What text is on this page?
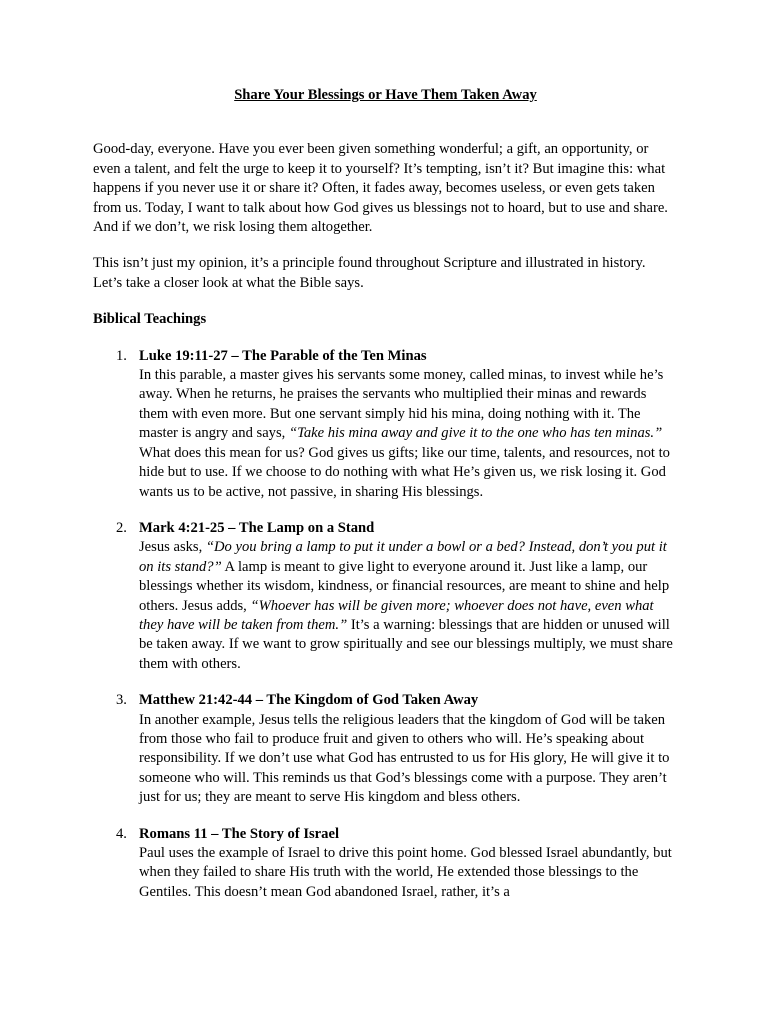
Share Your Blessings or Have Them Taken Away

Good-day, everyone. Have you ever been given something wonderful; a gift, an opportunity, or even a talent, and felt the urge to keep it to yourself? It’s tempting, isn’t it? But imagine this: what happens if you never use it or share it? Often, it fades away, becomes useless, or even gets taken from us. Today, I want to talk about how God gives us blessings not to hoard, but to use and share. And if we don’t, we risk losing them altogether.

This isn’t just my opinion, it’s a principle found throughout Scripture and illustrated in history. Let’s take a closer look at what the Bible says.

Biblical Teachings
1. Luke 19:11-27 – The Parable of the Ten Minas
In this parable, a master gives his servants some money, called minas, to invest while he’s away. When he returns, he praises the servants who multiplied their minas and rewards them with even more. But one servant simply hid his mina, doing nothing with it. The master is angry and says, “Take his mina away and give it to the one who has ten minas.” What does this mean for us? God gives us gifts; like our time, talents, and resources, not to hide but to use. If we choose to do nothing with what He’s given us, we risk losing it. God wants us to be active, not passive, in sharing His blessings.
2. Mark 4:21-25 – The Lamp on a Stand
Jesus asks, “Do you bring a lamp to put it under a bowl or a bed? Instead, don’t you put it on its stand?” A lamp is meant to give light to everyone around it. Just like a lamp, our blessings whether its wisdom, kindness, or financial resources, are meant to shine and help others. Jesus adds, “Whoever has will be given more; whoever does not have, even what they have will be taken from them.” It’s a warning: blessings that are hidden or unused will be taken away. If we want to grow spiritually and see our blessings multiply, we must share them with others.
3. Matthew 21:42-44 – The Kingdom of God Taken Away
In another example, Jesus tells the religious leaders that the kingdom of God will be taken from those who fail to produce fruit and given to others who will. He’s speaking about responsibility. If we don’t use what God has entrusted to us for His glory, He will give it to someone who will. This reminds us that God’s blessings come with a purpose. They aren’t just for us; they are meant to serve His kingdom and bless others.
4. Romans 11 – The Story of Israel
Paul uses the example of Israel to drive this point home. God blessed Israel abundantly, but when they failed to share His truth with the world, He extended those blessings to the Gentiles. This doesn’t mean God abandoned Israel, rather, it’s a
